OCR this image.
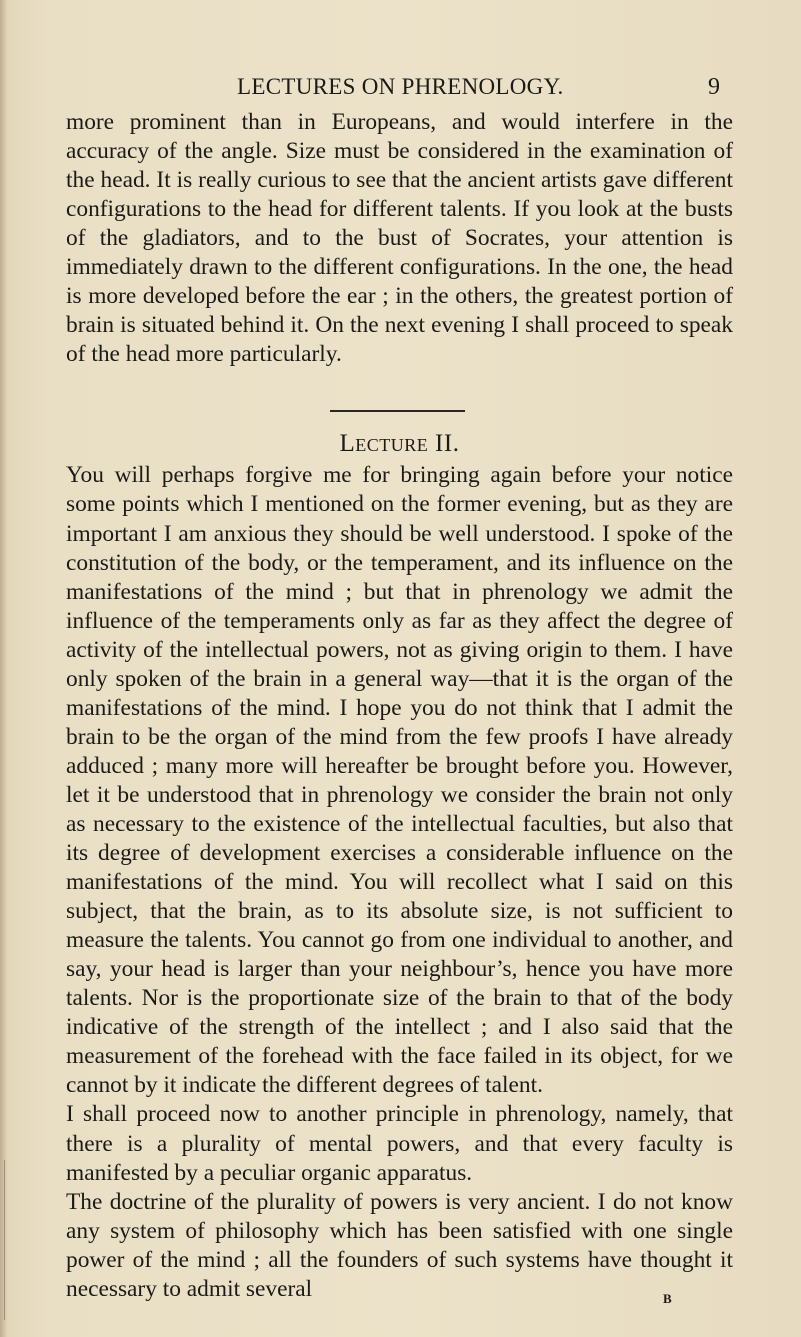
LECTURES ON PHRENOLOGY.	9

more prominent than in Europeans, and would interfere in the accuracy of the angle. Size must be considered in the examination of the head. It is really curious to see that the ancient artists gave different configurations to the head for different talents. If you look at the busts of the gladiators, and to the bust of Socrates, your attention is immediately drawn to the different configurations. In the one, the head is more developed before the ear ; in the others, the greatest portion of brain is situated behind it. On the next evening I shall proceed to speak of the head more particularly.

Lecture II.

You will perhaps forgive me for bringing again before your notice some points which I mentioned on the former evening, but as they are important I am anxious they should be well understood. I spoke of the constitution of the body, or the temperament, and its influence on the manifestations of the mind ; but that in phrenology we admit the influence of the temperaments only as far as they affect the degree of activity of the intellectual powers, not as giving origin to them. I have only spoken of the brain in a general way—that it is the organ of the manifestations of the mind. I hope you do not think that I admit the brain to be the organ of the mind from the few proofs I have already adduced ; many more will hereafter be brought before you. However, let it be understood that in phrenology we consider the brain not only as necessary to the existence of the intellectual faculties, but also that its degree of development exercises a considerable influence on the manifestations of the mind. You will recollect what I said on this subject, that the brain, as to its absolute size, is not sufficient to measure the talents. You cannot go from one individual to another, and say, your head is larger than your neighbour’s, hence you have more talents. Nor is the proportionate size of the brain to that of the body indicative of the strength of the intellect ; and I also said that the measurement of the forehead with the face failed in its object, for we cannot by it indicate the different degrees of talent.

I shall proceed now to another principle in phrenology, namely, that there is a plurality of mental powers, and that every faculty is manifested by a peculiar organic apparatus.

The doctrine of the plurality of powers is very ancient. I do not know any system of philosophy which has been satisfied with one single power of the mind ; all the founders of such systems have thought it necessary to admit several	B
